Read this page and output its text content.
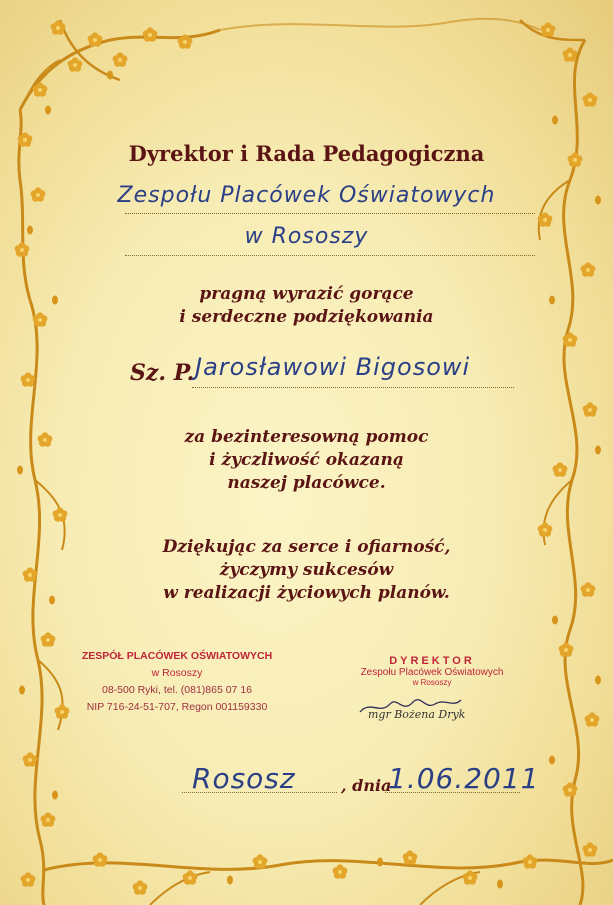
Dyrektor i Rada Pedagogiczna
Zespołu Placówek Oświatowych
w Rososzy
pragną wyrazić gorące
i serdeczne podziękowania
Sz. P. Jarosławowi Bigosowi
za bezinteresowną pomoc
i życzliwość okazaną
naszej placówce.
Dziękując za serce i ofiarność,
życzymy sukcesów
w realizacji życiowych planów.
ZESPÓŁ PLACÓWEK OŚWIATOWYCH
w Rososzy
08-500 Ryki, tel. (081)865 07 16
NIP 716-24-51-707, Regon 001159330
DYREKTOR
Zespołu Placówek Oświatowych
w Rososzy
mgr Bożena Dryk
Rososz	, dnia
1.06.2011
